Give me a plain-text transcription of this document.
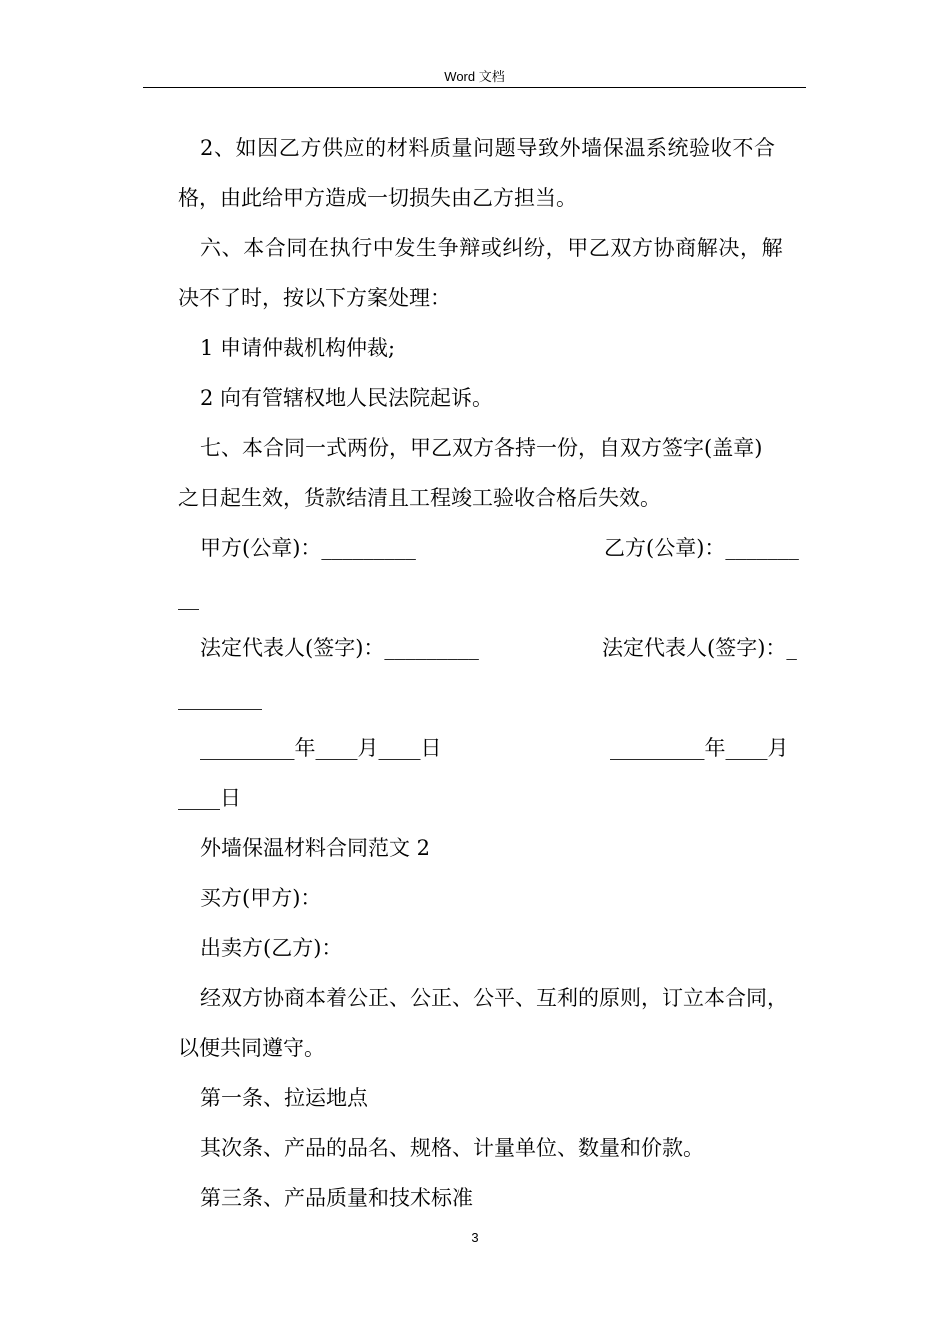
Word 文档
2、如因乙方供应的材料质量问题导致外墙保温系统验收不合
格，由此给甲方造成一切损失由乙方担当。
六、本合同在执行中发生争辩或纠纷，甲乙双方协商解决，解
决不了时，按以下方案处理：
1 申请仲裁机构仲裁;
2 向有管辖权地人民法院起诉。
七、本合同一式两份，甲乙双方各持一份，自双方签字(盖章)
之日起生效，货款结清且工程竣工验收合格后失效。
甲方(公章)：_________	乙方(公章)：_______
__
法定代表人(签字)：_________	法定代表人(签字)：_
________
_________年____月____日	_________年____月
____日
外墙保温材料合同范文 2
买方(甲方)：
出卖方(乙方)：
经双方协商本着公正、公正、公平、互利的原则，订立本合同，
以便共同遵守。
第一条、拉运地点
其次条、产品的品名、规格、计量单位、数量和价款。
第三条、产品质量和技术标准
3
